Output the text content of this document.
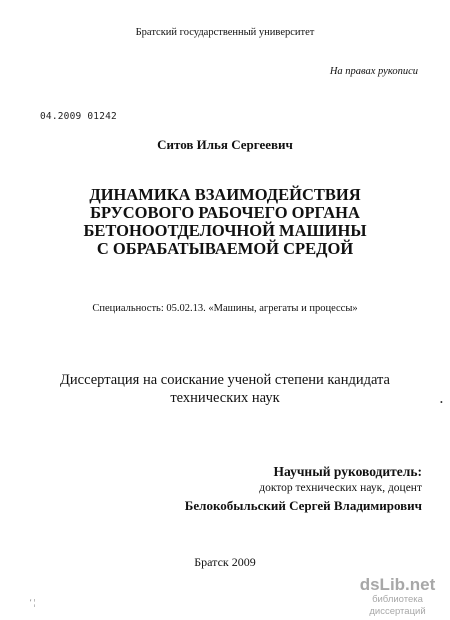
Братский государственный университет
На правах рукописи
04.2009 01242
Ситов Илья Сергеевич
ДИНАМИКА ВЗАИМОДЕЙСТВИЯ
БРУСОВОГО РАБОЧЕГО ОРГАНА
БЕТОНООТДЕЛОЧНОЙ МАШИНЫ
С ОБРАБАТЫВАЕМОЙ СРЕДОЙ
Специальность: 05.02.13. «Машины, агрегаты и процессы»
Диссертация на соискание ученой степени кандидата
технических наук	•
Научный руководитель:
доктор технических наук, доцент
Белокобыльский Сергей Владимирович
Братск 2009
dsLib.net
библиотека диссертаций
' ¦
